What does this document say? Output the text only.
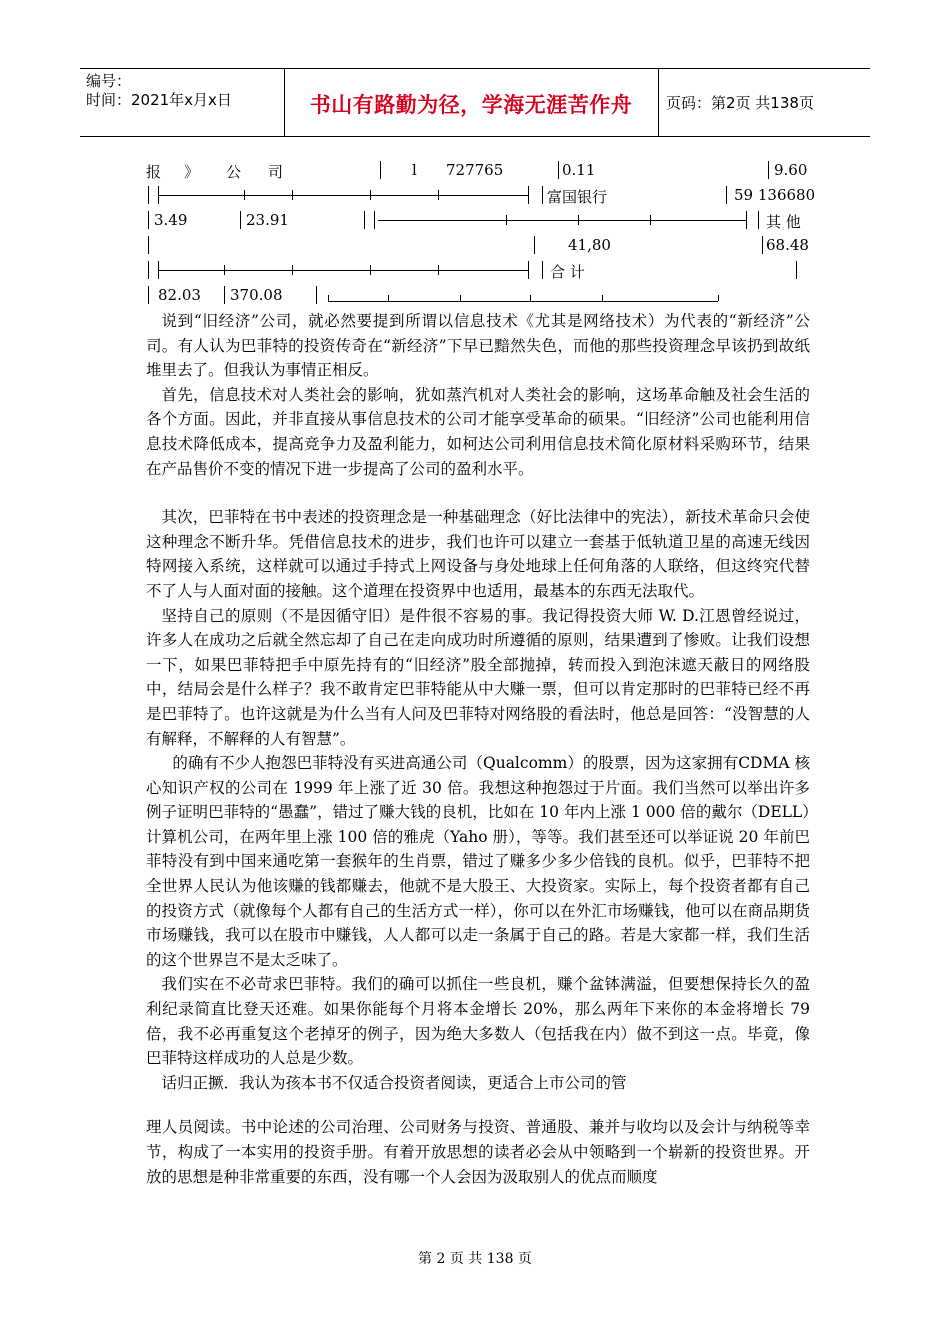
编号：
时间：2021年x月x日	书山有路勤为径，学海无涯苦作舟	页码：第2页 共138页
报 》 公 司	l 727765	0.11	9.60
富国银行	59 136680
3.49	23.91	其 他
41,80	68.48
合 计
82.03 370.08

说到“旧经济”公司，就必然要提到所谓以信息技术《尤其是网络技术）为代表的“新经济”公司。有人认为巴菲特的投资传奇在“新经济”下早已黯然失色，而他的那些投资理念早该扔到故纸堆里去了。但我认为事情正相反。

首先，信息技术对人类社会的影响，犹如蒸汽机对人类社会的影响，这场革命触及社会生活的各个方面。因此，并非直接从事信息技术的公司才能享受革命的硕果。“旧经济”公司也能利用信息技术降低成本，提高竞争力及盈利能力，如柯达公司利用信息技术简化原材料采购环节，结果在产品售价不变的情况下进一步提高了公司的盈利水平。

其次，巴菲特在书中表述的投资理念是一种基础理念（好比法律中的宪法），新技术革命只会使这种理念不断升华。凭借信息技术的进步，我们也许可以建立一套基于低轨道卫星的高速无线因特网接入系统，这样就可以通过手持式上网设备与身处地球上任何角落的人联络，但这终究代替不了人与人面对面的接触。这个道理在投资界中也适用，最基本的东西无法取代。

坚持自己的原则（不是因循守旧）是件很不容易的事。我记得投资大师 W. D.江恩曾经说过，许多人在成功之后就全然忘却了自己在走向成功时所遵循的原则，结果遭到了惨败。让我们设想一下，如果巴菲特把手中原先持有的“旧经济”股全部抛掉，转而投入到泡沫遮天蔽日的网络股中，结局会是什么样子？我不敢肯定巴菲特能从中大赚一票，但可以肯定那时的巴菲特已经不再是巴菲特了。也许这就是为什么当有人问及巴菲特对网络股的看法时，他总是回答：“没智慧的人有解释，不解释的人有智慧”。

的确有不少人抱怨巴菲特没有买进高通公司（Qualcomm）的股票，因为这家拥有CDMA 核心知识产权的公司在 1999 年上涨了近 30 倍。我想这种抱怨过于片面。我们当然可以举出许多例子证明巴菲特的“愚蠢”，错过了赚大钱的良机，比如在 10 年内上涨 1 000 倍的戴尔（DELL）计算机公司，在两年里上涨 100 倍的雅虎（Yaho 册），等等。我们甚至还可以举证说 20 年前巴菲特没有到中国来通吃第一套猴年的生肖票，错过了赚多少多少倍钱的良机。似乎，巴菲特不把全世界人民认为他该赚的钱都赚去，他就不是大股王、大投资家。实际上，每个投资者都有自己的投资方式（就像每个人都有自己的生活方式一样），你可以在外汇市场赚钱，他可以在商品期货市场赚钱，我可以在股市中赚钱，人人都可以走一条属于自己的路。若是大家都一样，我们生活的这个世界岂不是太乏味了。

我们实在不必苛求巴菲特。我们的确可以抓住一些良机，赚个盆钵满溢，但要想保持长久的盈利纪录简直比登天还难。如果你能每个月将本金增长 20%，那么两年下来你的本金将增长 79 倍，我不必再重复这个老掉牙的例子，因为绝大多数人（包括我在内）做不到这一点。毕竟，像巴菲特这样成功的人总是少数。

话归正撅．我认为孩本书不仅适合投资者阅读，更适合上市公司的管

理人员阅读。书中论述的公司治理、公司财务与投资、普通股、兼并与收均以及会计与纳税等幸节，构成了一本实用的投资手册。有着开放思想的读者必会从中领略到一个崭新的投资世界。开放的思想是种非常重要的东西，没有哪一个人会因为汲取别人的优点而顺度

第 2 页 共 138 页
